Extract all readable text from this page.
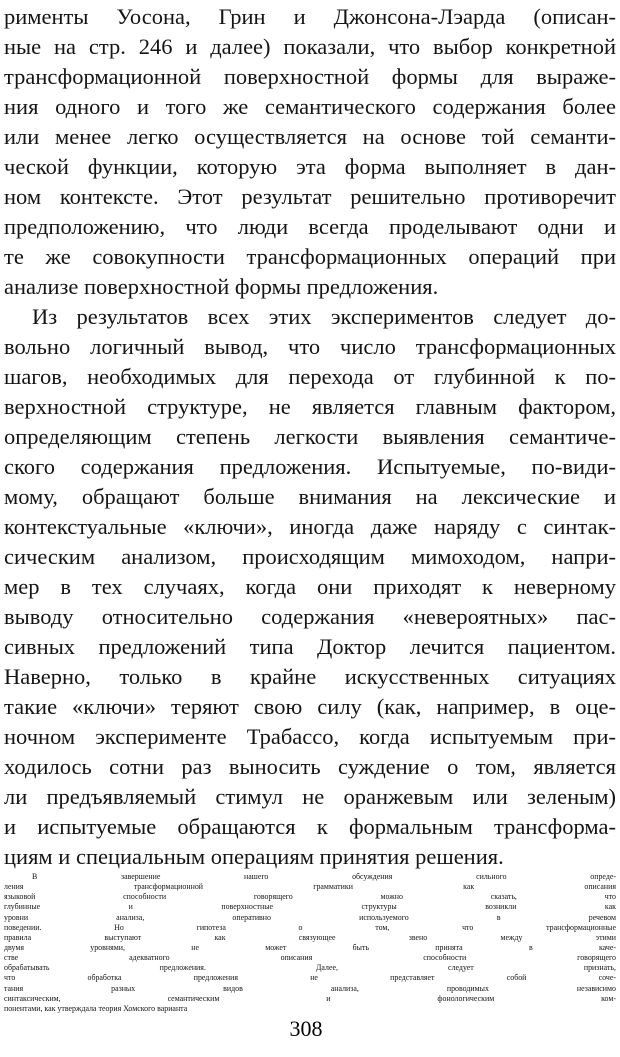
рименты Уосона, Грин и Джонсона-Лэарда (описан-
ные на стр. 246 и далее) показали, что выбор конкретной
трансформационной поверхностной формы для выраже-
ния одного и того же семантического содержания более
или менее легко осуществляется на основе той семанти-
ческой функции, которую эта форма выполняет в дан-
ном контексте. Этот результат решительно противоречит
предположению, что люди всегда проделывают одни и
те же совокупности трансформационных операций при
анализе поверхностной формы предложения.
Из результатов всех этих экспериментов следует до-
вольно логичный вывод, что число трансформационных
шагов, необходимых для перехода от глубинной к по-
верхностной структуре, не является главным фактором,
определяющим степень легкости выявления семантиче-
ского содержания предложения. Испытуемые, по-види-
мому, обращают больше внимания на лексические и
контекстуальные «ключи», иногда даже наряду с синтак-
сическим анализом, происходящим мимоходом, напри-
мер в тех случаях, когда они приходят к неверному
выводу относительно содержания «невероятных» пас-
сивных предложений типа Доктор лечится пациентом.
Наверно, только в крайне искусственных ситуациях
такие «ключи» теряют свою силу (как, например, в оце-
ночном эксперименте Трабассо, когда испытуемым при-
ходилось сотни раз выносить суждение о том, является
ли предъявляемый стимул не оранжевым или зеленым)
и испытуемые обращаются к формальным трансформа-
циям и специальным операциям принятия решения.
В завершение нашего обсуждения сильного опреде-
ления трансформационной грамматики как описания
языковой способности говорящего можно сказать, что
глубинные и поверхностные структуры возникли как
уровни анализа, оперативно используемого в речевом
поведении. Но гипотеза о том, что трансформационные
правила выступают как связующее звено между этими
двумя уровнями, не может быть принята в каче-
стве адекватного описания способности говорящего
обрабатывать предложения. Далее, следует признать,
что обработка предложения не представляет собой соче-
тания разных видов анализа, проводимых независимо
синтаксическим, семантическим и фонологическим ком-
понентами, как утверждала теория Хомского варианта
308
